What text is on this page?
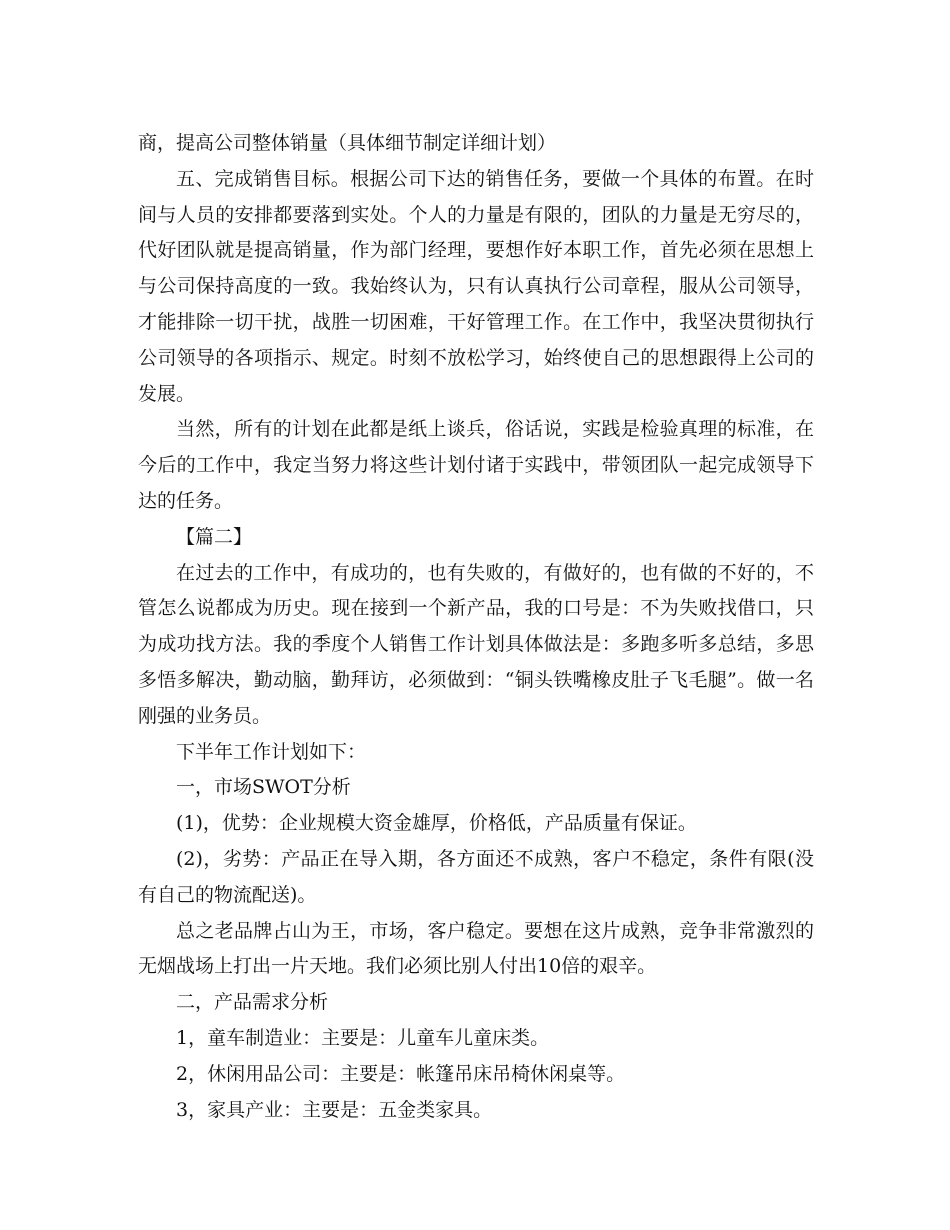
商，提高公司整体销量（具体细节制定详细计划）

五、完成销售目标。根据公司下达的销售任务，要做一个具体的布置。在时间与人员的安排都要落到实处。个人的力量是有限的，团队的力量是无穷尽的，代好团队就是提高销量，作为部门经理，要想作好本职工作，首先必须在思想上与公司保持高度的一致。我始终认为，只有认真执行公司章程，服从公司领导，才能排除一切干扰，战胜一切困难，干好管理工作。在工作中，我坚决贯彻执行公司领导的各项指示、规定。时刻不放松学习，始终使自己的思想跟得上公司的发展。

当然，所有的计划在此都是纸上谈兵，俗话说，实践是检验真理的标准，在今后的工作中，我定当努力将这些计划付诸于实践中，带领团队一起完成领导下达的任务。

【篇二】

在过去的工作中，有成功的，也有失败的，有做好的，也有做的不好的，不管怎么说都成为历史。现在接到一个新产品，我的口号是：不为失败找借口，只为成功找方法。我的季度个人销售工作计划具体做法是：多跑多听多总结，多思多悟多解决，勤动脑，勤拜访，必须做到：“铜头铁嘴橡皮肚子飞毛腿”。做一名刚强的业务员。

下半年工作计划如下：

一，市场SWOT分析

(1)，优势：企业规模大资金雄厚，价格低，产品质量有保证。

(2)，劣势：产品正在导入期，各方面还不成熟，客户不稳定，条件有限(没有自己的物流配送)。

总之老品牌占山为王，市场，客户稳定。要想在这片成熟，竞争非常激烈的无烟战场上打出一片天地。我们必须比别人付出10倍的艰辛。

二，产品需求分析

1，童车制造业：主要是：儿童车儿童床类。

2，休闲用品公司：主要是：帐篷吊床吊椅休闲桌等。

3，家具产业：主要是：五金类家具。
